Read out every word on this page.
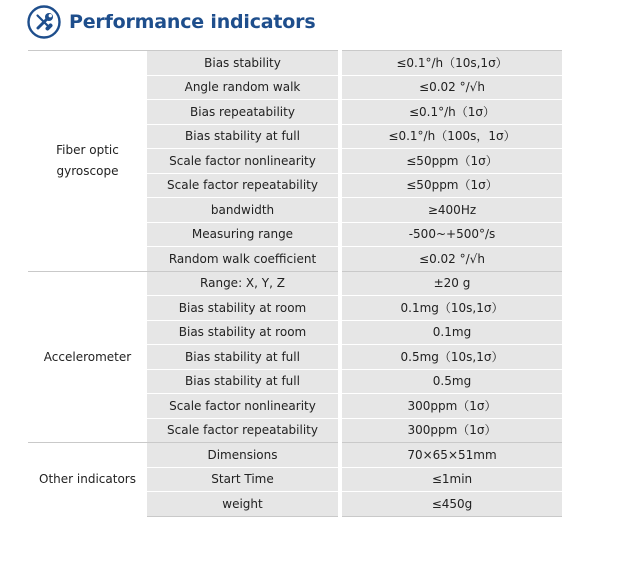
Performance indicators
Fiber optic gyroscope	Bias stability	≤0.1°/h（10s,1σ）
	Angle random walk	≤0.02 °/√h
	Bias repeatability	≤0.1°/h（1σ）
	Bias stability at full	≤0.1°/h（100s，1σ）
	Scale factor nonlinearity	≤50ppm（1σ）
	Scale factor repeatability	≤50ppm（1σ）
	bandwidth	≥400Hz
	Measuring range	-500~+500°/s
	Random walk coefficient	≤0.02 °/√h
Accelerometer	Range: X, Y, Z	±20 g
	Bias stability at room	0.1mg（10s,1σ）
	Bias stability at room	0.1mg
	Bias stability at full	0.5mg（10s,1σ）
	Bias stability at full	0.5mg
	Scale factor nonlinearity	300ppm（1σ）
	Scale factor repeatability	300ppm（1σ）
Other indicators	Dimensions	70×65×51mm
	Start Time	≤1min
	weight	≤450g
